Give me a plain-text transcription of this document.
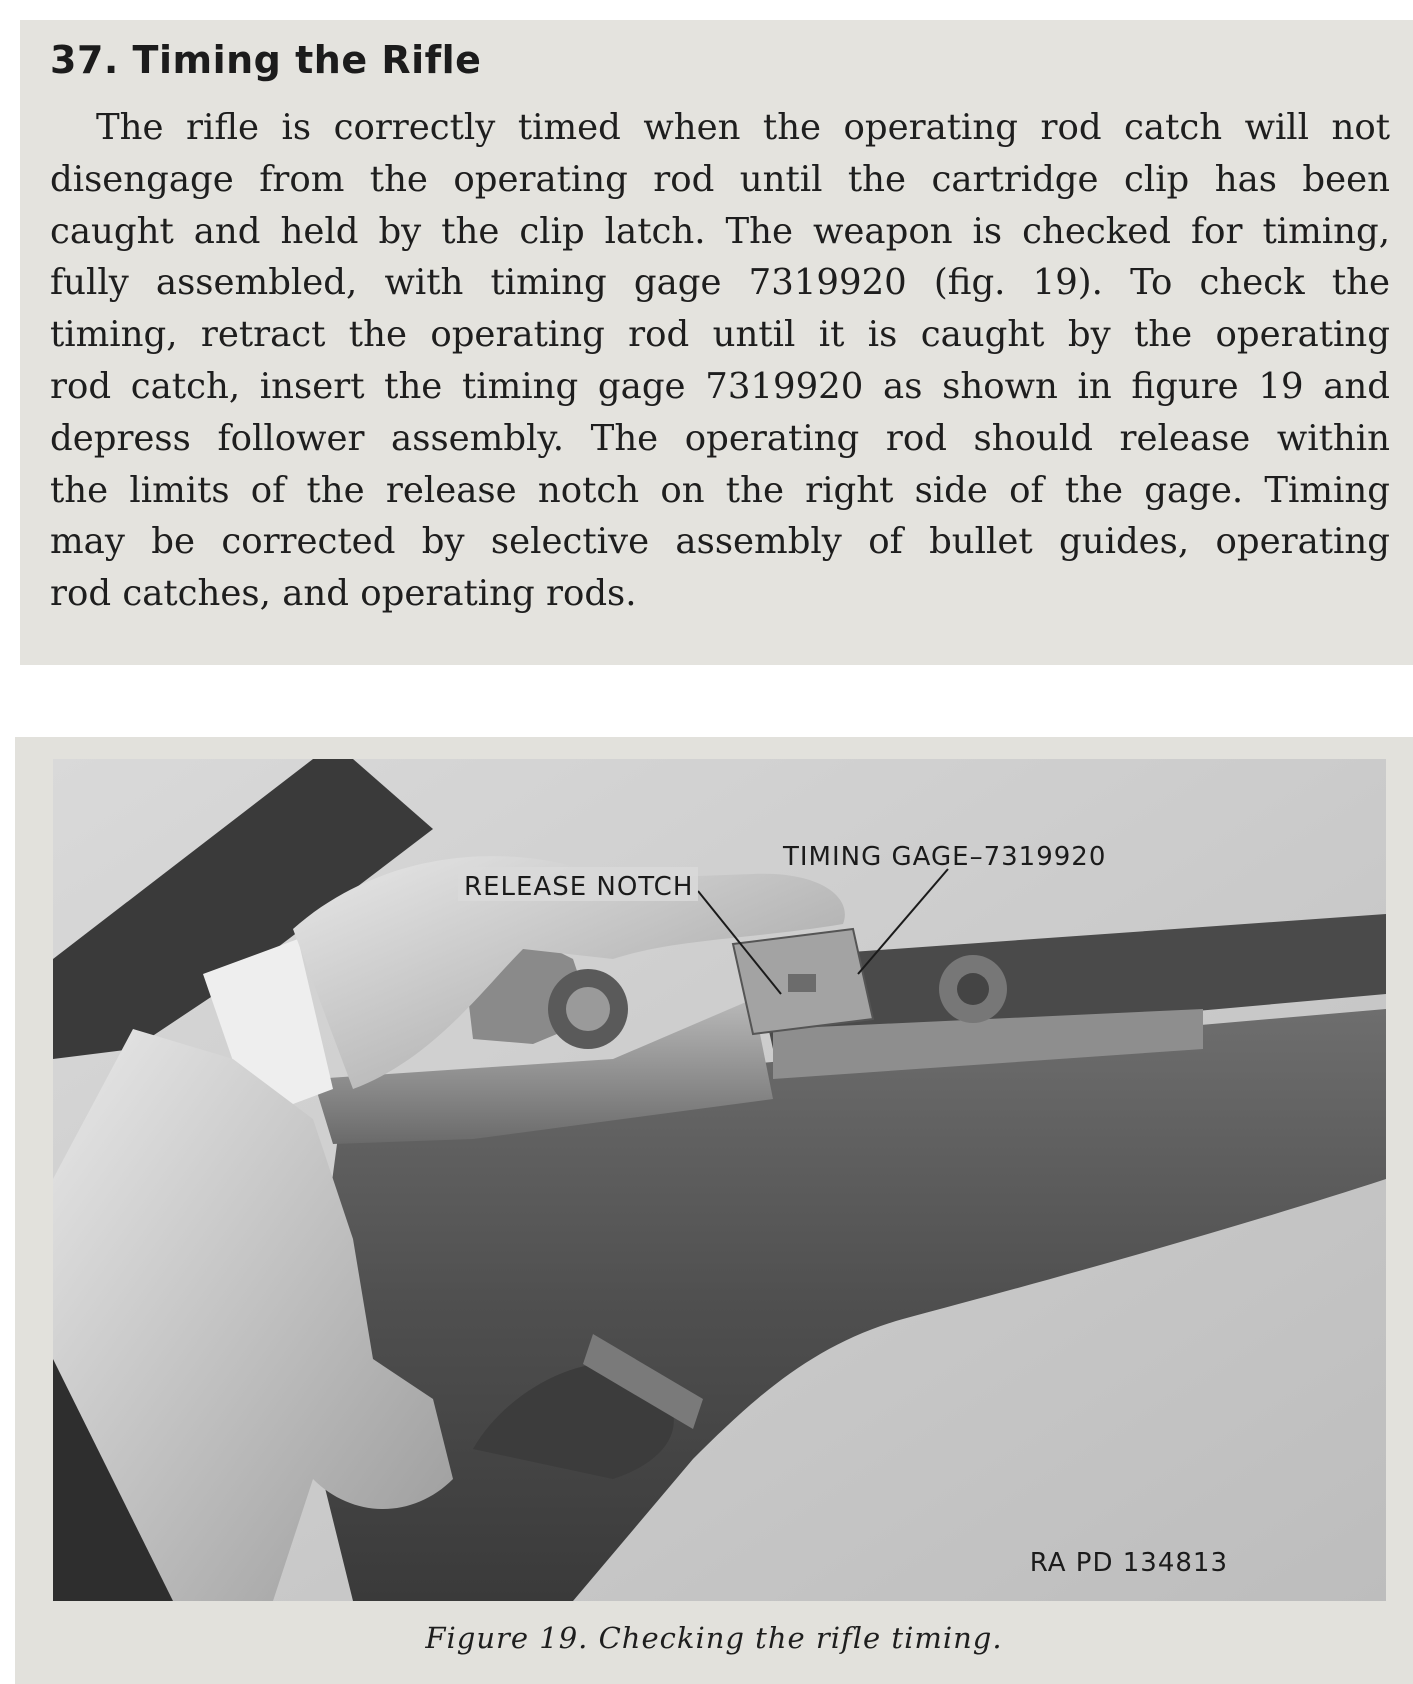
37. Timing the Rifle

The rifle is correctly timed when the operating rod catch will not
disengage from the operating rod until the cartridge clip has been
caught and held by the clip latch. The weapon is checked for timing,
fully assembled, with timing gage 7319920 (fig. 19). To check the
timing, retract the operating rod until it is caught by the operating
rod catch, insert the timing gage 7319920 as shown in figure 19 and
depress follower assembly. The operating rod should release within
the limits of the release notch on the right side of the gage. Timing
may be corrected by selective assembly of bullet guides, operating
rod catches, and operating rods.

RELEASE NOTCH
TIMING GAGE–7319920
RA PD 134813

Figure 19. Checking the rifle timing.
